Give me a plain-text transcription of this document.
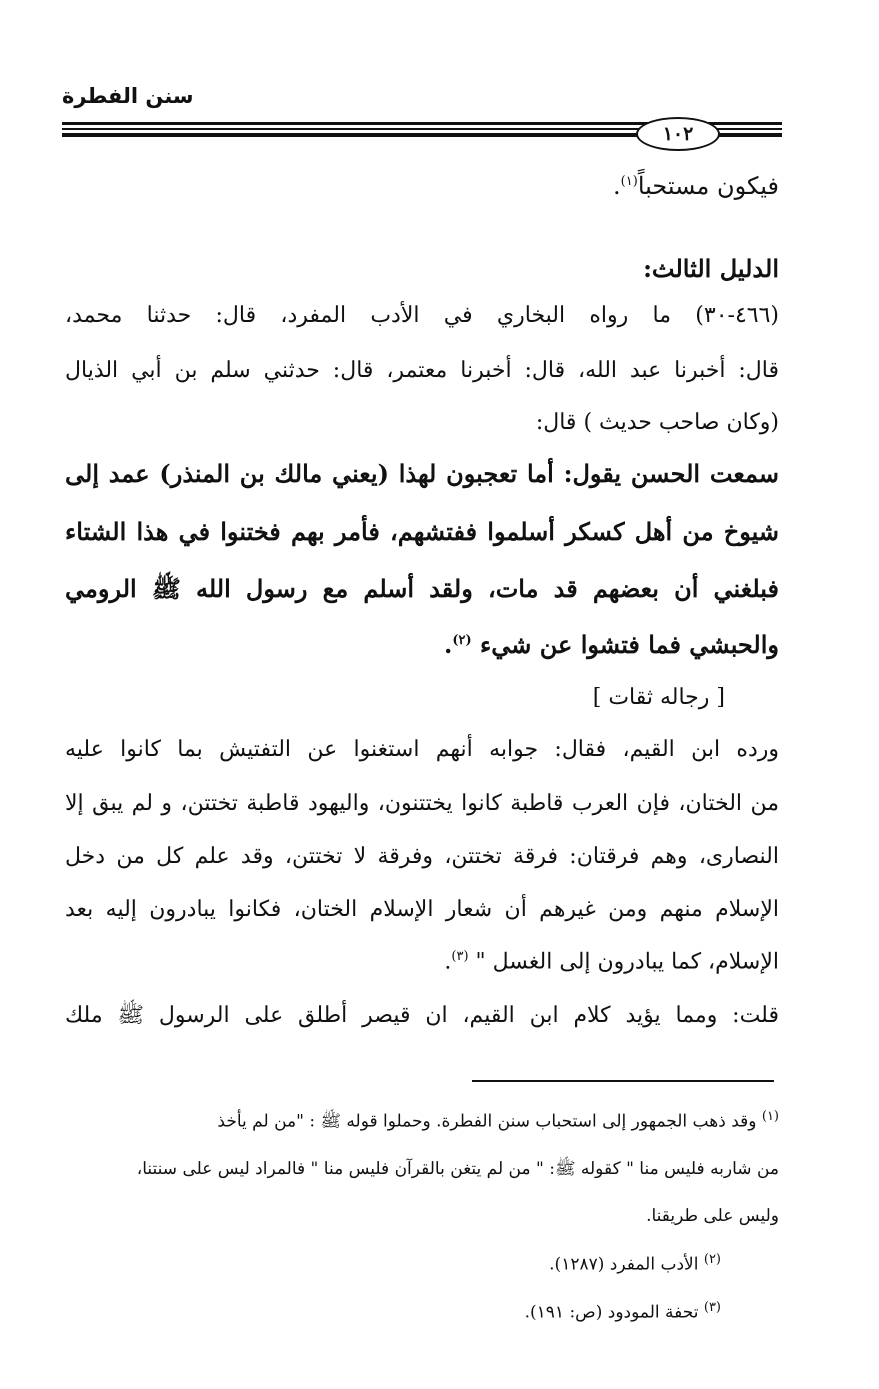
سنن الفطرة
١٠٢
فيكون مستحباً$^{(١)}$.
الدليل الثالث:
(٤٦٦-٣٠) ما رواه البخاري في الأدب المفرد، قال: حدثنا محمد،
قال: أخبرنا عبد الله، قال: أخبرنا معتمر، قال: حدثني سلم بن أبي الذيال
(وكان صاحب حديث ) قال:
سمعت الحسن يقول: أما تعجبون لهذا (يعني مالك بن المنذر) عمد إلى
شيوخ من أهل كسكر أسلموا ففتشهم، فأمر بهم فختنوا في هذا الشتاء
فبلغني أن بعضهم قد مات، ولقد أسلم مع رسول الله ﷺ الرومي
والحبشي فما فتشوا عن شيء $^{(٢)}$.
[ رجاله ثقات ]
ورده ابن القيم، فقال: جوابه أنهم استغنوا عن التفتيش بما كانوا عليه
من الختان، فإن العرب قاطبة كانوا يختتنون، واليهود قاطبة تختتن، و لم يبق إلا
النصارى، وهم فرقتان: فرقة تختتن، وفرقة لا تختتن، وقد علم كل من دخل
الإسلام منهم ومن غيرهم أن شعار الإسلام الختان، فكانوا يبادرون إليه بعد
الإسلام، كما يبادرون إلى الغسل " $^{(٣)}$.
قلت: ومما يؤيد كلام ابن القيم، ان قيصر أطلق على الرسول ﷺ ملك
$^{(١)}$ وقد ذهب الجمهور إلى استحباب سنن الفطرة. وحملوا قوله ﷺ : "من لم يأخذ
من شاربه فليس منا " كقوله ﷺ: " من لم يتغن بالقرآن فليس منا " فالمراد ليس على سنتنا،
وليس على طريقنا.
$^{(٢)}$ الأدب المفرد (١٢٨٧).
$^{(٣)}$ تحفة المودود (ص: ١٩١).
